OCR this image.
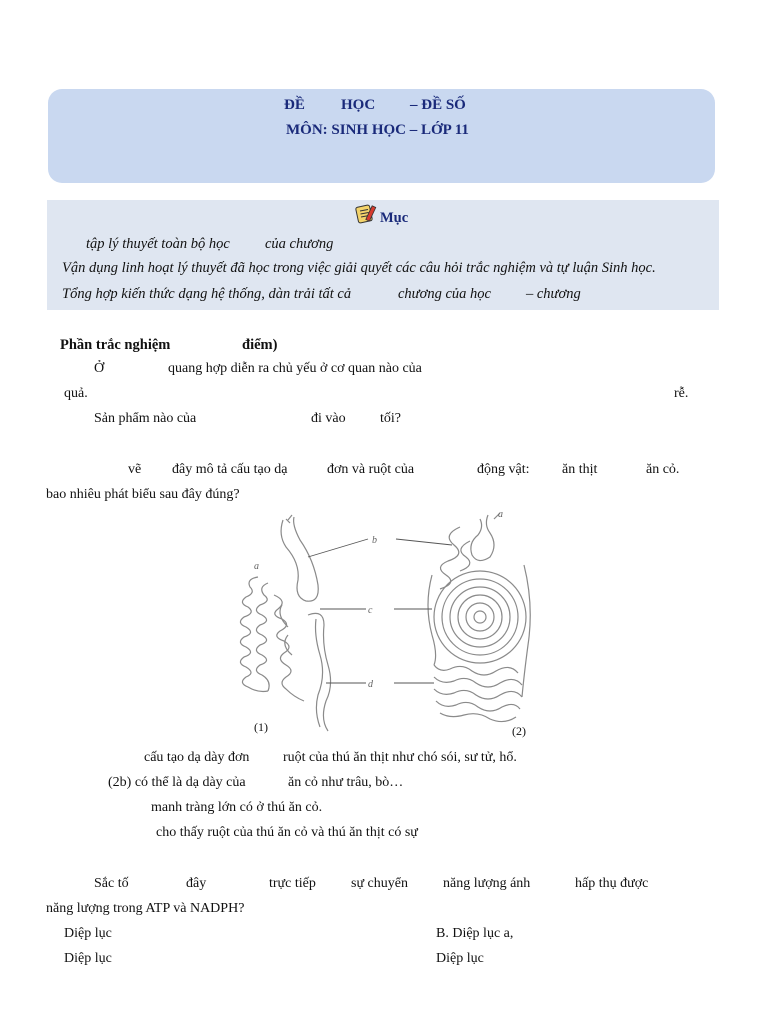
ĐỀ HỌC – ĐỀ SỐ
MÔN: SINH HỌC – LỚP 11
Mục
tập lý thuyết toàn bộ học của chương
Vận dụng linh hoạt lý thuyết đã học trong việc giải quyết các câu hỏi trắc nghiệm và tự luận Sinh học.
Tổng hợp kiến thức dạng hệ thống, dàn trải tất cả	chương của học – chương
Phần trắc nghiệm	điểm)
Ở	quang hợp diễn ra chủ yếu ở cơ quan nào của
quả.	rễ.
Sản phẩm nào của	đi vào tối?
vẽ đây mô tả cấu tạo dạ	đơn và ruột của	động vật: ăn thịt	ăn cỏ.
bao nhiêu phát biểu sau đây đúng?
a
b
c
d
a
(1)	(2)
cấu tạo dạ dày đơn ruột của thú ăn thịt như chó sói, sư tử, hổ.
(2b) có thể là dạ dày của	ăn cỏ như trâu, bò…
manh tràng lớn có ở thú ăn cỏ.
cho thấy ruột của thú ăn cỏ và thú ăn thịt có sự
Sắc tố	đây	trực tiếp	sự chuyển	năng lượng ánh	hấp thụ được
năng lượng trong ATP và NADPH?
Diệp lục	B. Diệp lục a,
Diệp lục	Diệp lục
